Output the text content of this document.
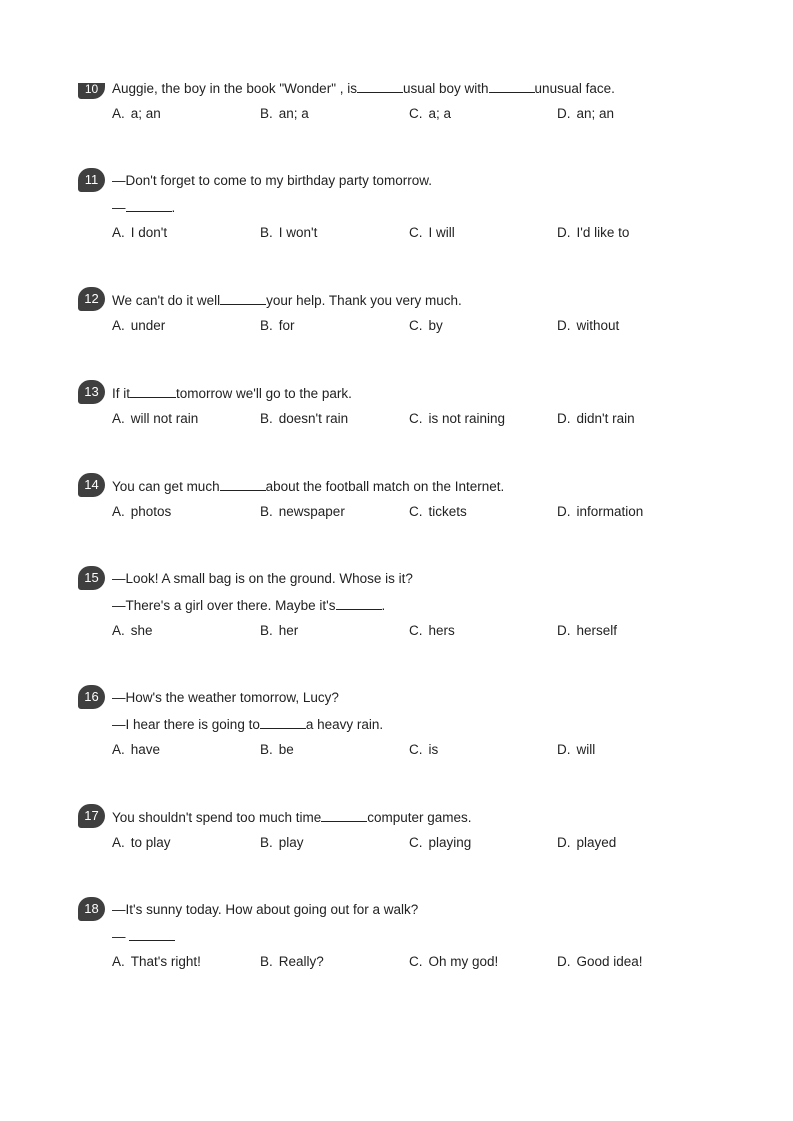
10	Auggie, the boy in the book "Wonder" , is	usual boy with	unusual face.
A. a; an	B. an; a	C. a; a	D. an; an
11	—Don't forget to come to my birthday party tomorrow.
—	.
A. I don't	B. I won't	C. I will	D. I'd like to
12 We can't do it well	your help. Thank you very much.
A. under	B. for	C. by	D. without
13 If it	tomorrow we'll go to the park.
A. will not rain	B. doesn't rain	C. is not raining	D. didn't rain
14 You can get much	about the football match on the Internet.
A. photos	B. newspaper	C. tickets	D. information
15 —Look! A small bag is on the ground. Whose is it?
—There's a girl over there. Maybe it's	.
A. she	B. her	C. hers	D. herself
16 —How's the weather tomorrow, Lucy?
—I hear there is going to	a heavy rain.
A. have	B. be	C. is	D. will
17 You shouldn't spend too much time	computer games.
A. to play	B. play	C. playing	D. played
18 —It's sunny today. How about going out for a walk?
—
A. That's right!	B. Really?	C. Oh my god!	D. Good idea!
